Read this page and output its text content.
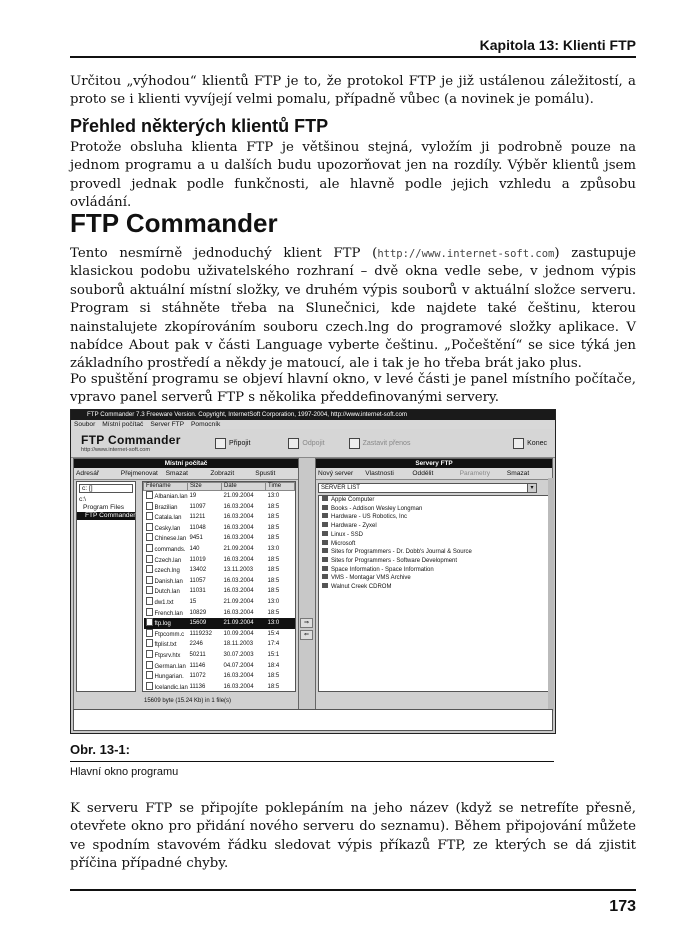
Kapitola 13: Klienti FTP
Určitou „výhodou“ klientů FTP je to, že protokol FTP je již ustálenou záležitostí, a proto se i klienti vyvíjejí velmi pomalu, případně vůbec (a novinek je pomálu).
Přehled některých klientů FTP
Protože obsluha klienta FTP je většinou stejná, vyložím ji podrobně pouze na jednom programu a u dalších budu upozorňovat jen na rozdíly. Výběr klientů jsem provedl jednak podle funkčnosti, ale hlavně podle jejich vzhledu a způsobu ovládání.
FTP Commander
Tento nesmírně jednoduchý klient FTP (http://www.internet-soft.com) zastupuje klasickou podobu uživatelského rozhraní – dvě okna vedle sebe, v jednom výpis souborů aktuální místní složky, ve druhém výpis souborů v aktuální složce serveru. Program si stáhněte třeba na Slunečnici, kde najdete také češtinu, kterou nainstalujete zkopírováním souboru czech.lng do programové složky aplikace. V nabídce About pak v části Language vyberte češtinu. „Počeštění“ se sice týká jen základního prostředí a někdy je matoucí, ale i tak je ho třeba brát jako plus.
Po spuštění programu se objeví hlavní okno, v levé části je panel místního počítače, vpravo panel serverů FTP s několika předdefinovanými servery.
FTP Commander 7.3 Freeware Version. Copyright, InternetSoft Corporation, 1997-2004, http://www.internet-soft.com
Soubor Místní počítač Server FTP Pomocník
FTP Commander
http://www.internet-soft.com
Připojit	Odpojit	Zastavit přenos	Konec
Místní počítač
Adresář	Přejmenovat	Smazat	Zobrazit	Spustit
c: []
c:\
Program Files
FTP Commander
Filename	Size	Date	Time
Albanian.lan	19	21.09.2004	13:0
Brazilian	11097	16.03.2004	18:5
Catala.lan	11211	16.03.2004	18:5
Cesky.lan	11048	16.03.2004	18:5
Chinese.lan	9451	16.03.2004	18:5
commands.	140	21.09.2004	13:0
Czech.lan	11019	16.03.2004	18:5
czech.lng	13402	13.11.2003	18:5
Danish.lan	11057	16.03.2004	18:5
Dutch.lan	11031	16.03.2004	18:5
dw1.txt	15	21.09.2004	13:0
French.lan	10829	16.03.2004	18:5
ftp.log	15609	21.09.2004	13:0
Ftpcomm.c	1119232	10.09.2004	15:4
ftplist.txt	2246	18.11.2003	17:4
Ftpsrv.htx	50211	30.07.2003	15:1
German.lan	11146	04.07.2004	18:4
Hungarian.	11072	16.03.2004	18:5
Icelandic.lan	11136	16.03.2004	18:5

15609 byte (15.24 Kb) in 1 file(s)
⇒
⇐
Servery FTP
Nový server	Vlastnosti	Oddělit	Parametry	Smazat
SERVER LIST	▾
Apple Computer
Books - Addison Wesley Longman
Hardware - US Robotics, Inc
Hardware - Zyxel
Linux - SSD
Microsoft
Sites for Programmers - Dr. Dobb's Journal & Source
Sites for Programmers - Software Development
Space Information - Space Information
VMS - Montagar VMS Archive
Walnut Creek CDROM
Obr. 13-1:
Hlavní okno programu
K serveru FTP se připojíte poklepáním na jeho název (když se netrefíte přesně, otevřete okno pro přidání nového serveru do seznamu). Během připojování můžete ve spodním stavovém řádku sledovat výpis příkazů FTP, ze kterých se dá zjistit příčina případné chyby.
173
